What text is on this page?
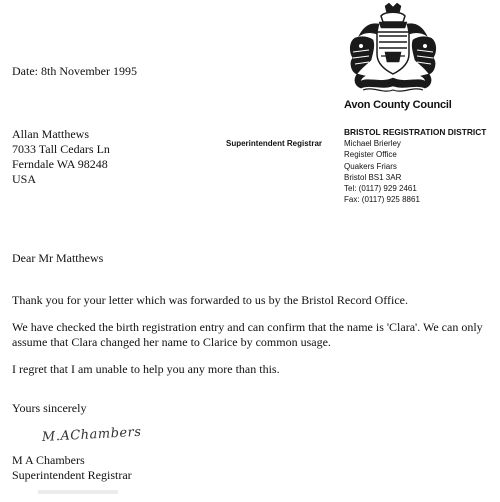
Date: 8th November 1995
Allan Matthews
7033 Tall Cedars Ln
Ferndale WA 98248
USA
Avon County Council
Superintendent Registrar
BRISTOL REGISTRATION DISTRICT
Michael Brierley
Register Office
Quakers Friars
Bristol BS1 3AR
Tel: (0117) 929 2461
Fax: (0117) 925 8861
Dear Mr Matthews
Thank you for your letter which was forwarded to us by the Bristol Record Office.
We have checked the birth registration entry and can confirm that the name is 'Clara'. We can only assume that Clara changed her name to Clarice by common usage.
I regret that I am unable to help you any more than this.
Yours sincerely
M.AChambers
M A Chambers
Superintendent Registrar
